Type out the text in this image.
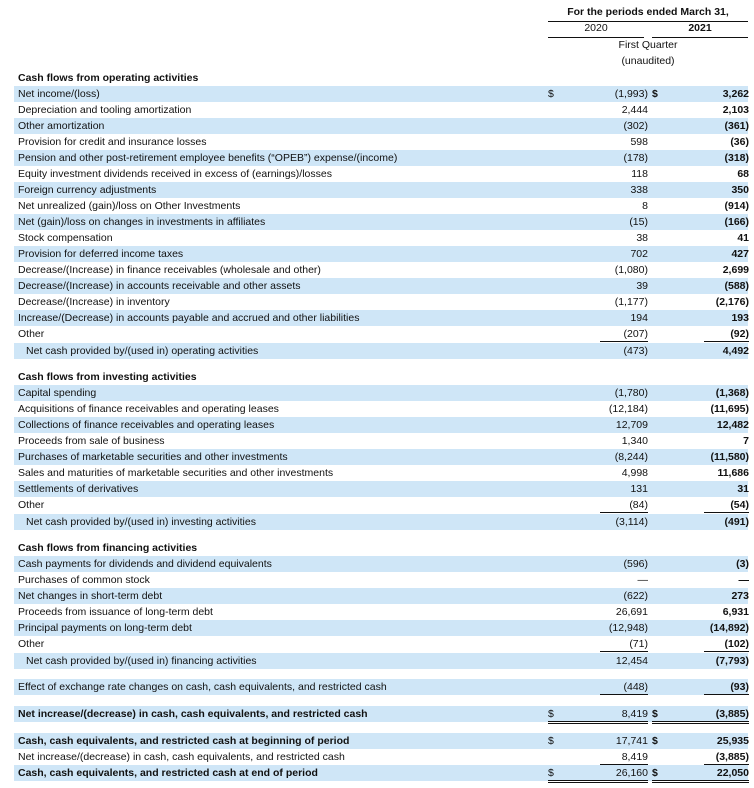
For the periods ended March 31,
2020	2021
First Quarter
(unaudited)
Cash flows from operating activities
Net income/(loss)	$	(1,993) $	3,262
Depreciation and tooling amortization	2,444	2,103
Other amortization	(302)	(361)
Provision for credit and insurance losses	598	(36)
Pension and other post-retirement employee benefits (“OPEB”) expense/(income)	(178)	(318)
Equity investment dividends received in excess of (earnings)/losses	118	68
Foreign currency adjustments	338	350
Net unrealized (gain)/loss on Other Investments	8	(914)
Net (gain)/loss on changes in investments in affiliates	(15)	(166)
Stock compensation	38	41
Provision for deferred income taxes	702	427
Decrease/(Increase) in finance receivables (wholesale and other)	(1,080)	2,699
Decrease/(Increase) in accounts receivable and other assets	39	(588)
Decrease/(Increase) in inventory	(1,177)	(2,176)
Increase/(Decrease) in accounts payable and accrued and other liabilities	194	193
Other	(207)	(92)
Net cash provided by/(used in) operating activities	(473)	4,492
Cash flows from investing activities
Capital spending	(1,780)	(1,368)
Acquisitions of finance receivables and operating leases	(12,184)	(11,695)
Collections of finance receivables and operating leases	12,709	12,482
Proceeds from sale of business	1,340	7
Purchases of marketable securities and other investments	(8,244)	(11,580)
Sales and maturities of marketable securities and other investments	4,998	11,686
Settlements of derivatives	131	31
Other	(84)	(54)
Net cash provided by/(used in) investing activities	(3,114)	(491)
Cash flows from financing activities
Cash payments for dividends and dividend equivalents	(596)	(3)
Purchases of common stock	—	—
Net changes in short-term debt	(622)	273
Proceeds from issuance of long-term debt	26,691	6,931
Principal payments on long-term debt	(12,948)	(14,892)
Other	(71)	(102)
Net cash provided by/(used in) financing activities	12,454	(7,793)
Effect of exchange rate changes on cash, cash equivalents, and restricted cash	(448)	(93)
Net increase/(decrease) in cash, cash equivalents, and restricted cash	$	8,419 $	(3,885)
Cash, cash equivalents, and restricted cash at beginning of period	$	17,741 $	25,935
Net increase/(decrease) in cash, cash equivalents, and restricted cash	8,419	(3,885)
Cash, cash equivalents, and restricted cash at end of period	$	26,160 $	22,050
